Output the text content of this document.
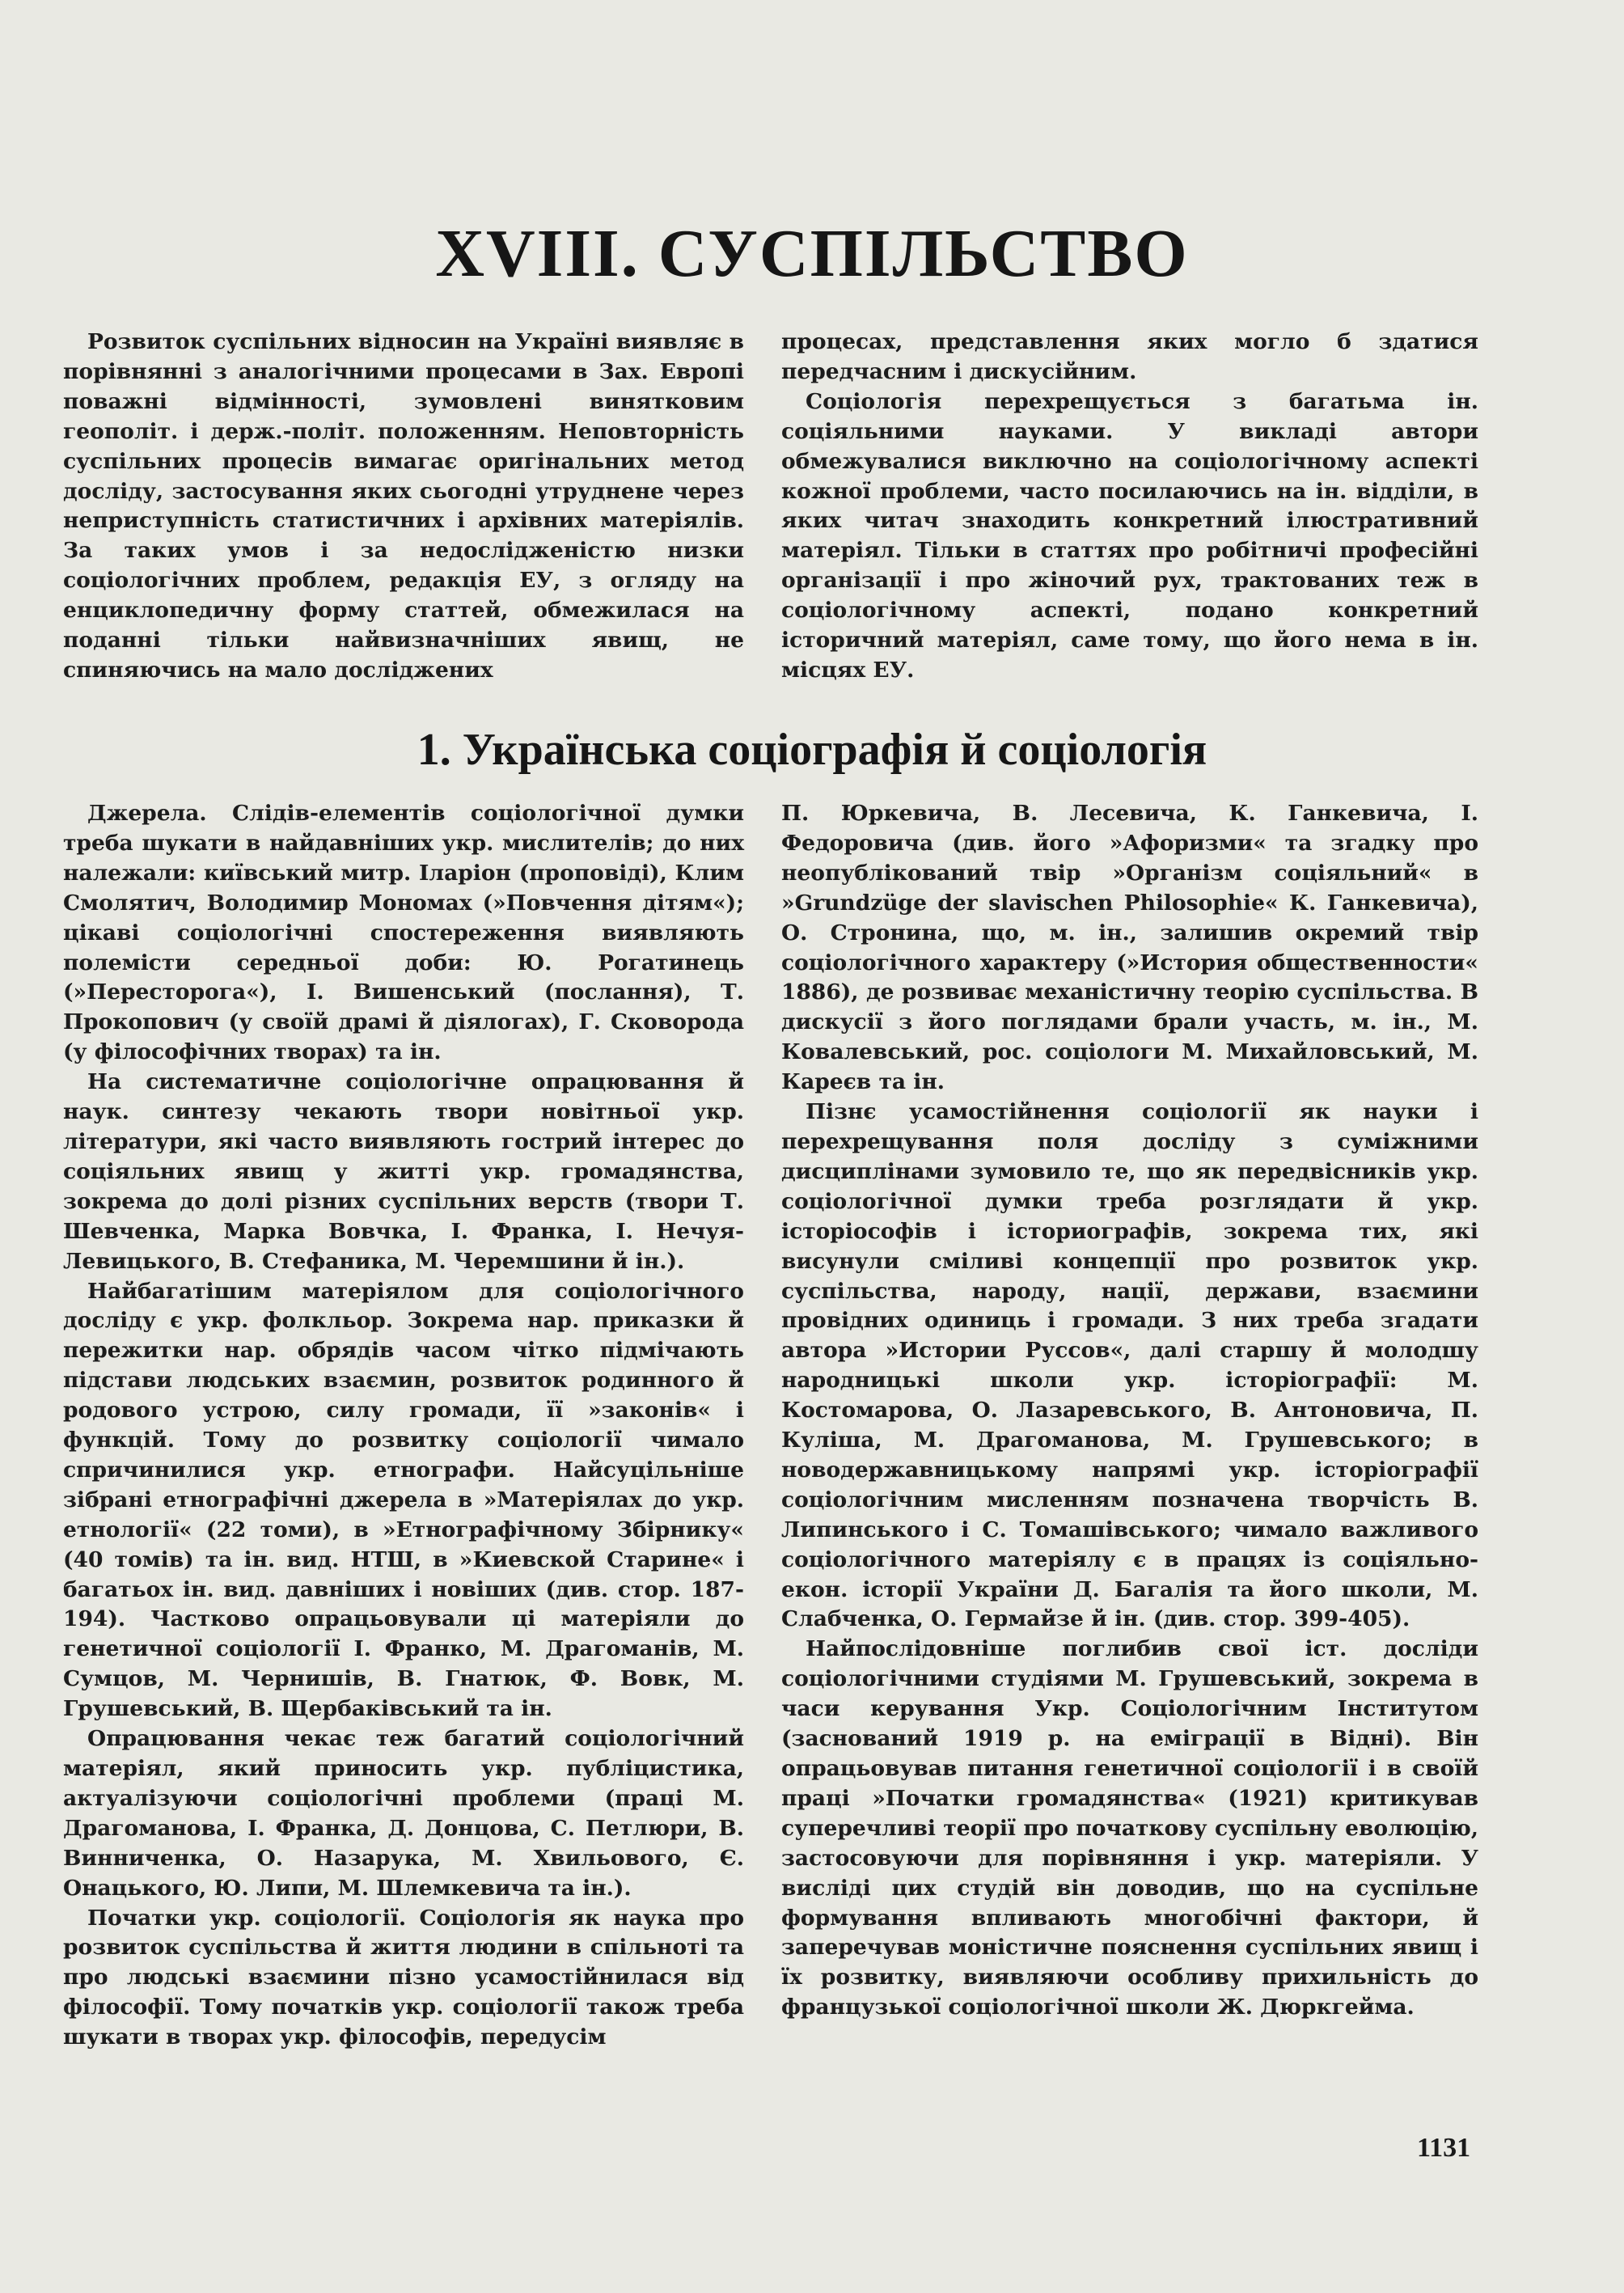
XVIII. СУСПІЛЬСТВО

Розвиток суспільних відносин на Україні виявляє в порівнянні з аналогічними процесами в Зах. Европі поважні відмінності, зумовлені винятковим геополіт. і держ.-політ. положенням. Неповторність суспільних процесів вимагає оригінальних метод досліду, застосування яких сьогодні утруднене через неприступність статистичних і архівних матеріялів. За таких умов і за недослідженістю низки соціологічних проблем, редакція ЕУ, з огляду на енциклопедичну форму статтей, обмежилася на поданні тільки найвизначніших явищ, не спиняючись на мало досліджених

процесах, представлення яких могло б здатися передчасним і дискусійним.

Соціологія перехрещується з багатьма ін. соціяльними науками. У викладі автори обмежувалися виключно на соціологічному аспекті кожної проблеми, часто посилаючись на ін. відділи, в яких читач знаходить конкретний ілюстративний матеріял. Тільки в статтях про робітничі професійні організації і про жіночий рух, трактованих теж в соціологічному аспекті, подано конкретний історичний матеріял, саме тому, що його нема в ін. місцях ЕУ.

1. Українська соціографія й соціологія

Джерела. Слідів-елементів соціологічної думки треба шукати в найдавніших укр. мислителів; до них належали: київський митр. Іларіон (проповіді), Клим Смолятич, Володимир Мономах (»Повчення дітям«); цікаві соціологічні спостереження виявляють полемісти середньої доби: Ю. Рогатинець (»Пересторога«), І. Вишенський (послання), Т. Прокопович (у своїй драмі й діялогах), Г. Сковорода (у філософічних творах) та ін.

На систематичне соціологічне опрацювання й наук. синтезу чекають твори новітньої укр. літератури, які часто виявляють гострий інтерес до соціяльних явищ у житті укр. громадянства, зокрема до долі різних суспільних верств (твори Т. Шевченка, Марка Вовчка, І. Франка, І. Нечуя-Левицького, В. Стефаника, М. Черемшини й ін.).

Найбагатішим матеріялом для соціологічного досліду є укр. фолкльор. Зокрема нар. приказки й пережитки нар. обрядів часом чітко підмічають підстави людських взаємин, розвиток родинного й родового устрою, силу громади, її »законів« і функцій. Тому до розвитку соціології чимало спричинилися укр. етнографи. Найсуцільніше зібрані етнографічні джерела в »Матеріялах до укр. етнології« (22 томи), в »Етнографічному Збірнику« (40 томів) та ін. вид. НТШ, в »Киевской Старине« і багатьох ін. вид. давніших і новіших (див. стор. 187-194). Частково опрацьовували ці матеріяли до генетичної соціології І. Франко, М. Драгоманів, М. Сумцов, М. Чернишів, В. Гнатюк, Ф. Вовк, М. Грушевський, В. Щербаківський та ін.

Опрацювання чекає теж багатий соціологічний матеріял, який приносить укр. публіцистика, актуалізуючи соціологічні проблеми (праці М. Драгоманова, І. Франка, Д. Донцова, С. Петлюри, В. Винниченка, О. Назарука, М. Хвильового, Є. Онацького, Ю. Липи, М. Шлемкевича та ін.).

Початки укр. соціології. Соціологія як наука про розвиток суспільства й життя людини в спільноті та про людські взаємини пізно усамостійнилася від філософії. Тому початків укр. соціології також треба шукати в творах укр. філософів, передусім

П. Юркевича, В. Лесевича, К. Ганкевича, І. Федоровича (див. його »Афоризми« та згадку про неопублікований твір »Організм соціяльний« в »Grundzüge der slavischen Philosophie« К. Ганкевича), О. Стронина, що, м. ін., залишив окремий твір соціологічного характеру (»История общественности« 1886), де розвиває механістичну теорію суспільства. В дискусії з його поглядами брали участь, м. ін., М. Ковалевський, рос. соціологи М. Михайловський, М. Кареєв та ін.

Пізнє усамостійнення соціології як науки і перехрещування поля досліду з суміжними дисциплінами зумовило те, що як передвісників укр. соціологічної думки треба розглядати й укр. історіософів і істориографів, зокрема тих, які висунули сміливі концепції про розвиток укр. суспільства, народу, нації, держави, взаємини провідних одиниць і громади. З них треба згадати автора »Истории Руссов«, далі старшу й молодшу народницькі школи укр. історіографії: М. Костомарова, О. Лазаревського, В. Антоновича, П. Куліша, М. Драгоманова, М. Грушевського; в новодержавницькому напрямі укр. історіографії соціологічним мисленням позначена творчість В. Липинського і С. Томашівського; чимало важливого соціологічного матеріялу є в працях із соціяльно-екон. історії України Д. Багалія та його школи, М. Слабченка, О. Гермайзе й ін. (див. стор. 399-405).

Найпослідовніше поглибив свої іст. досліди соціологічними студіями М. Грушевський, зокрема в часи керування Укр. Соціологічним Інститутом (заснований 1919 р. на еміграції в Відні). Він опрацьовував питання генетичної соціології і в своїй праці »Початки громадянства« (1921) критикував суперечливі теорії про початкову суспільну еволюцію, застосовуючи для порівняння і укр. матеріяли. У висліді цих студій він доводив, що на суспільне формування впливають многобічні фактори, й заперечував моністичне пояснення суспільних явищ і їх розвитку, виявляючи особливу прихильність до французької соціологічної школи Ж. Дюркгейма.

1131
